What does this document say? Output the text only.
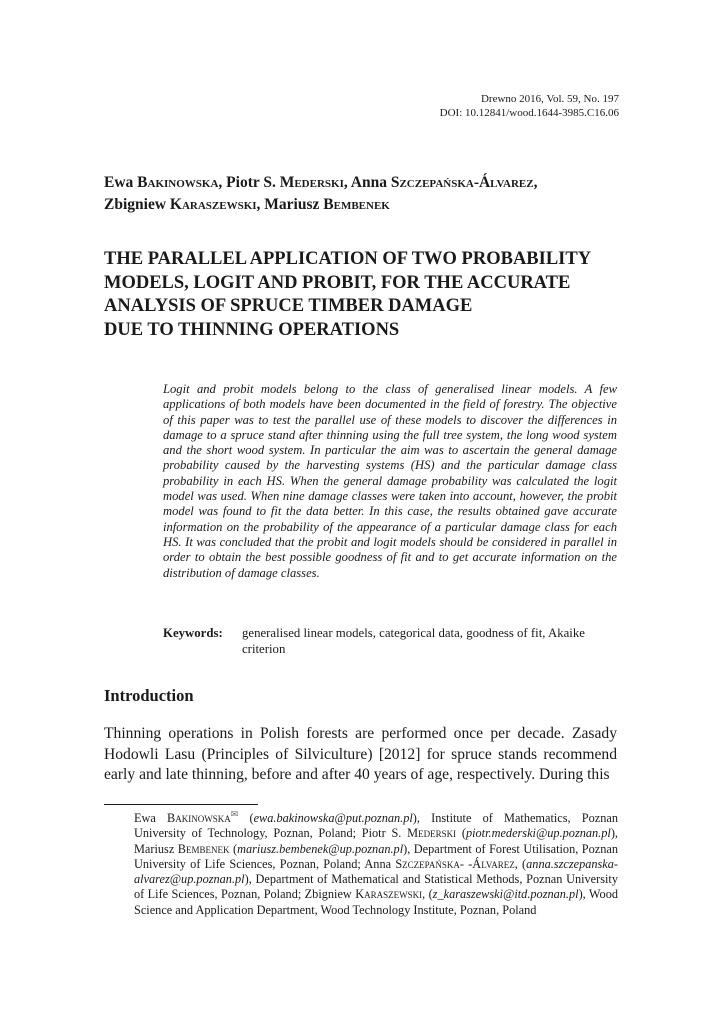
Drewno 2016, Vol. 59, No. 197
DOI: 10.12841/wood.1644-3985.C16.06
Ewa Bakinowska, Piotr S. Mederski, Anna Szczepańska-Álvarez,
Zbigniew Karaszewski, Mariusz Bembenek
THE PARALLEL APPLICATION OF TWO PROBABILITY
MODELS, LOGIT AND PROBIT, FOR THE ACCURATE
ANALYSIS OF SPRUCE TIMBER DAMAGE
DUE TO THINNING OPERATIONS
Logit and probit models belong to the class of generalised linear models. A few applications of both models have been documented in the field of forestry. The objective of this paper was to test the parallel use of these models to discover the differences in damage to a spruce stand after thinning using the full tree system, the long wood system and the short wood system. In particular the aim was to ascertain the general damage probability caused by the harvesting systems (HS) and the particular damage class probability in each HS. When the general damage probability was calculated the logit model was used. When nine damage classes were taken into account, however, the probit model was found to fit the data better. In this case, the results obtained gave accurate information on the probability of the appearance of a particular damage class for each HS. It was concluded that the probit and logit models should be considered in parallel in order to obtain the best possible goodness of fit and to get accurate information on the distribution of damage classes.
Keywords: generalised linear models, categorical data, goodness of fit, Akaike criterion
Introduction
Thinning operations in Polish forests are performed once per decade. Zasady Hodowli Lasu (Principles of Silviculture) [2012] for spruce stands recommend early and late thinning, before and after 40 years of age, respectively. During this
Ewa Bakinowska✉ (ewa.bakinowska@put.poznan.pl), Institute of Mathematics, Poznan University of Technology, Poznan, Poland; Piotr S. Mederski (piotr.mederski@up.poznan.pl), Mariusz Bembenek (mariusz.bembenek@up.poznan.pl), Department of Forest Utilisation, Poznan University of Life Sciences, Poznan, Poland; Anna Szczepańska- -Álvarez, (anna.szczepanska-alvarez@up.poznan.pl), Department of Mathematical and Statistical Methods, Poznan University of Life Sciences, Poznan, Poland; Zbigniew Karaszewski, (z_karaszewski@itd.poznan.pl), Wood Science and Application Department, Wood Technology Institute, Poznan, Poland
